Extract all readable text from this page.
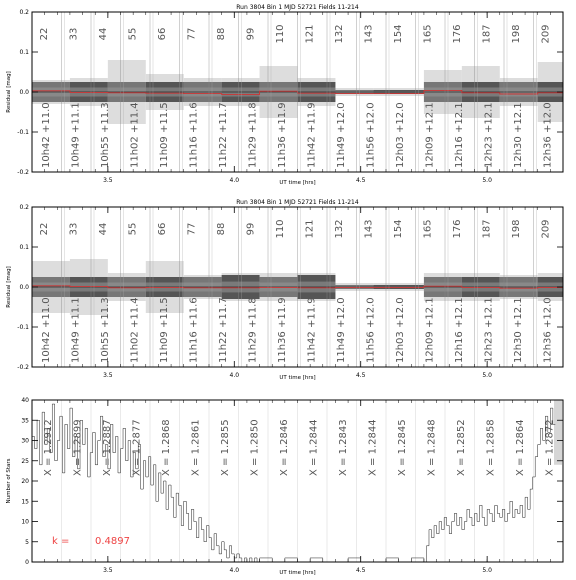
22
10h42 +11.0
33
10h49 +11.1
44
10h55 +11.3
55
11h02 +11.4
66
11h09 +11.5
77
11h16 +11.6
88
11h22 +11.7
99
11h29 +11.8
110
11h36 +11.9
121
11h42 +11.9
132
11h49 +12.0
143
11h56 +12.0
154
12h03 +12.0
165
12h09 +12.1
176
12h16 +12.1
187
12h23 +12.1
198
12h30 +12.1
209
12h36 +12.0
3.5	4.0	4.5	5.0
-0.2
-0.1
0.0
0.1
0.2
UT time [hrs]
Residual [mag]
Run 3804 Bin 1 MJD 52721 Fields 11-214
22
10h42 +11.0
33
10h49 +11.1
44
10h55 +11.3
55
11h02 +11.4
66
11h09 +11.5
77
11h16 +11.6
88
11h22 +11.7
99
11h29 +11.8
110
11h36 +11.9
121
11h42 +11.9
132
11h49 +12.0
143
11h56 +12.0
154
12h03 +12.0
165
12h09 +12.1
176
12h16 +12.1
187
12h23 +12.1
198
12h30 +12.1
209
12h36 +12.0
3.5	4.0	4.5	5.0
-0.2
-0.1
0.0
0.1
0.2
UT time [hrs]
Residual [mag]
Run 3804 Bin 1 MJD 52721 Fields 11-214
X = 1.2912 X = 1.2899 X = 1.2887 X = 1.2877 X = 1.2868 X = 1.2861 X = 1.2855 X = 1.2850 X = 1.2846 X = 1.2844 X = 1.2843 X = 1.2844 X = 1.2845 X = 1.2848 X = 1.2852 X = 1.2858 X = 1.2864 X = 1.2872
k =	0.4897
3.5	4.0	4.5	5.0
0
5
10
15
20
25
30
35
40
UT time [hrs]
Number of Stars
